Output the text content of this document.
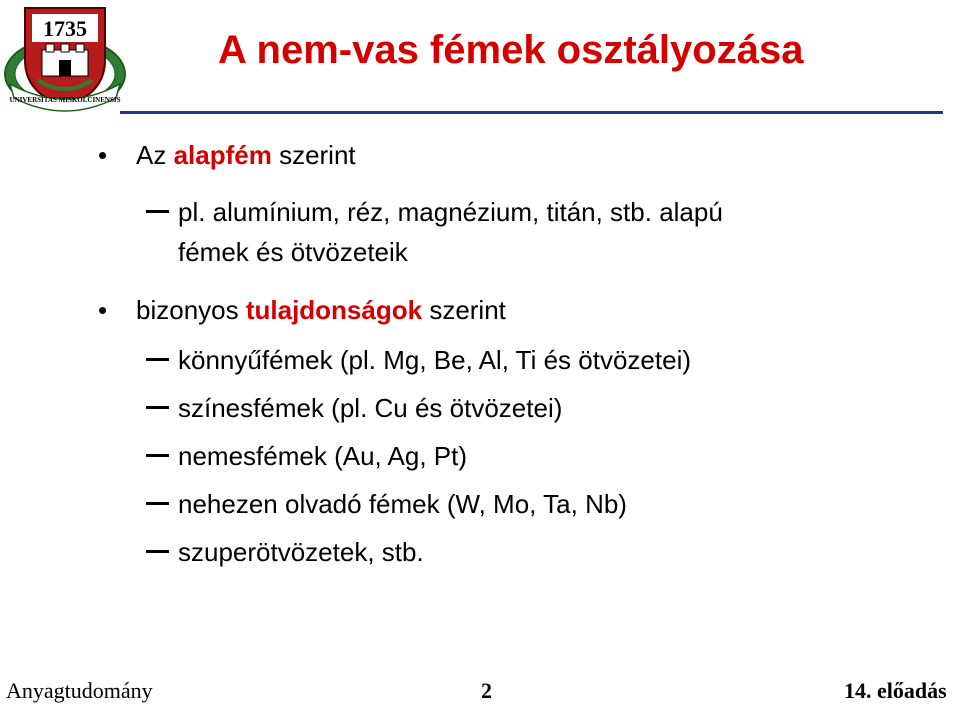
1735
UNIVERSITAS MISKOLCINENSIS
A nem-vas fémek osztályozása
• Az alapfém szerint
pl. alumínium, réz, magnézium, titán, stb. alapú
fémek és ötvözeteik
• bizonyos tulajdonságok szerint
könnyűfémek (pl. Mg, Be, Al, Ti és ötvözetei)
színesfémek (pl. Cu és ötvözetei)
nemesfémek (Au, Ag, Pt)
nehezen olvadó fémek (W, Mo, Ta, Nb)
szuperötvözetek, stb.
Anyagtudomány	2	14. előadás
